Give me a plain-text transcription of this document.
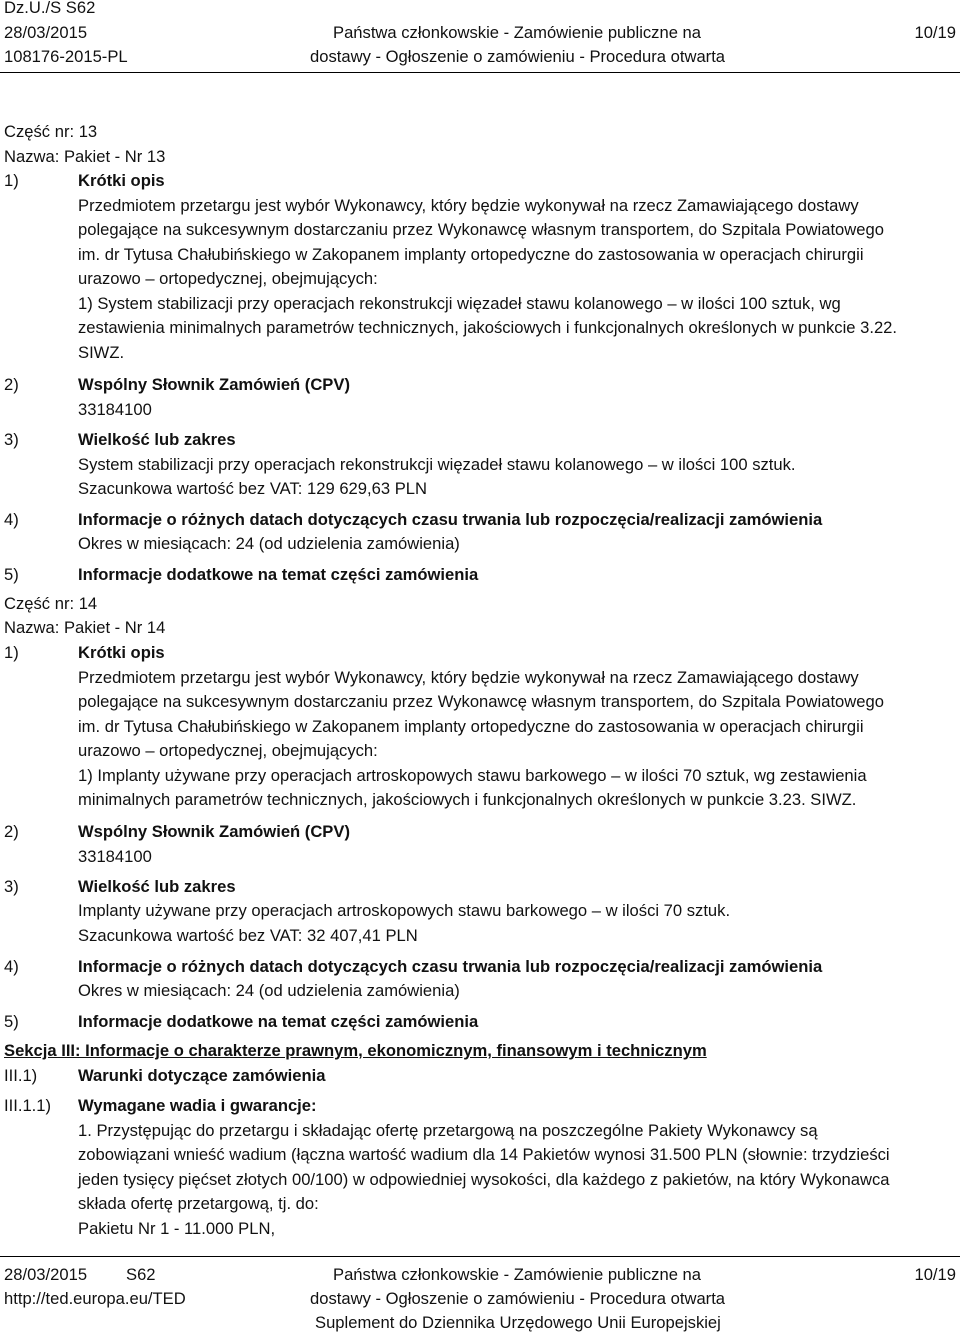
Dz.U./S S62
28/03/2015
108176-2015-PL
Państwa członkowskie - Zamówienie publiczne na
dostawy - Ogłoszenie o zamówieniu - Procedura otwarta
10/19
Część nr: 13
Nazwa: Pakiet - Nr 13
1)	Krótki opis
Przedmiotem przetargu jest wybór Wykonawcy, który będzie wykonywał na rzecz Zamawiającego dostawy
polegające na sukcesywnym dostarczaniu przez Wykonawcę własnym transportem, do Szpitala Powiatowego
im. dr Tytusa Chałubińskiego w Zakopanem implanty ortopedyczne do zastosowania w operacjach chirurgii
urazowo – ortopedycznej, obejmujących:
1) System stabilizacji przy operacjach rekonstrukcji więzadeł stawu kolanowego – w ilości 100 sztuk, wg
zestawienia minimalnych parametrów technicznych, jakościowych i funkcjonalnych określonych w punkcie 3.22.
SIWZ.
2)	Wspólny Słownik Zamówień (CPV)
33184100
3)	Wielkość lub zakres
System stabilizacji przy operacjach rekonstrukcji więzadeł stawu kolanowego – w ilości 100 sztuk.
Szacunkowa wartość bez VAT: 129 629,63 PLN
4)	Informacje o różnych datach dotyczących czasu trwania lub rozpoczęcia/realizacji zamówienia
Okres w miesiącach: 24 (od udzielenia zamówienia)
5)	Informacje dodatkowe na temat części zamówienia
Część nr: 14
Nazwa: Pakiet - Nr 14
1)	Krótki opis
Przedmiotem przetargu jest wybór Wykonawcy, który będzie wykonywał na rzecz Zamawiającego dostawy
polegające na sukcesywnym dostarczaniu przez Wykonawcę własnym transportem, do Szpitala Powiatowego
im. dr Tytusa Chałubińskiego w Zakopanem implanty ortopedyczne do zastosowania w operacjach chirurgii
urazowo – ortopedycznej, obejmujących:
1) Implanty używane przy operacjach artroskopowych stawu barkowego – w ilości 70 sztuk, wg zestawienia
minimalnych parametrów technicznych, jakościowych i funkcjonalnych określonych w punkcie 3.23. SIWZ.
2)	Wspólny Słownik Zamówień (CPV)
33184100
3)	Wielkość lub zakres
Implanty używane przy operacjach artroskopowych stawu barkowego – w ilości 70 sztuk.
Szacunkowa wartość bez VAT: 32 407,41 PLN
4)	Informacje o różnych datach dotyczących czasu trwania lub rozpoczęcia/realizacji zamówienia
Okres w miesiącach: 24 (od udzielenia zamówienia)
5)	Informacje dodatkowe na temat części zamówienia
Sekcja III: Informacje o charakterze prawnym, ekonomicznym, finansowym i technicznym
III.1) Warunki dotyczące zamówienia
III.1.1) Wymagane wadia i gwarancje:
1. Przystępując do przetargu i składając ofertę przetargową na poszczególne Pakiety Wykonawcy są
zobowiązani wnieść wadium (łączna wartość wadium dla 14 Pakietów wynosi 31.500 PLN (słownie: trzydzieści
jeden tysięcy pięćset złotych 00/100) w odpowiedniej wysokości, dla każdego z pakietów, na który Wykonawca
składa ofertę przetargową, tj. do:
Pakietu Nr 1 - 11.000 PLN,
28/03/2015 S62
http://ted.europa.eu/TED
Państwa członkowskie - Zamówienie publiczne na
dostawy - Ogłoszenie o zamówieniu - Procedura otwarta
Suplement do Dziennika Urzędowego Unii Europejskiej
10/19
